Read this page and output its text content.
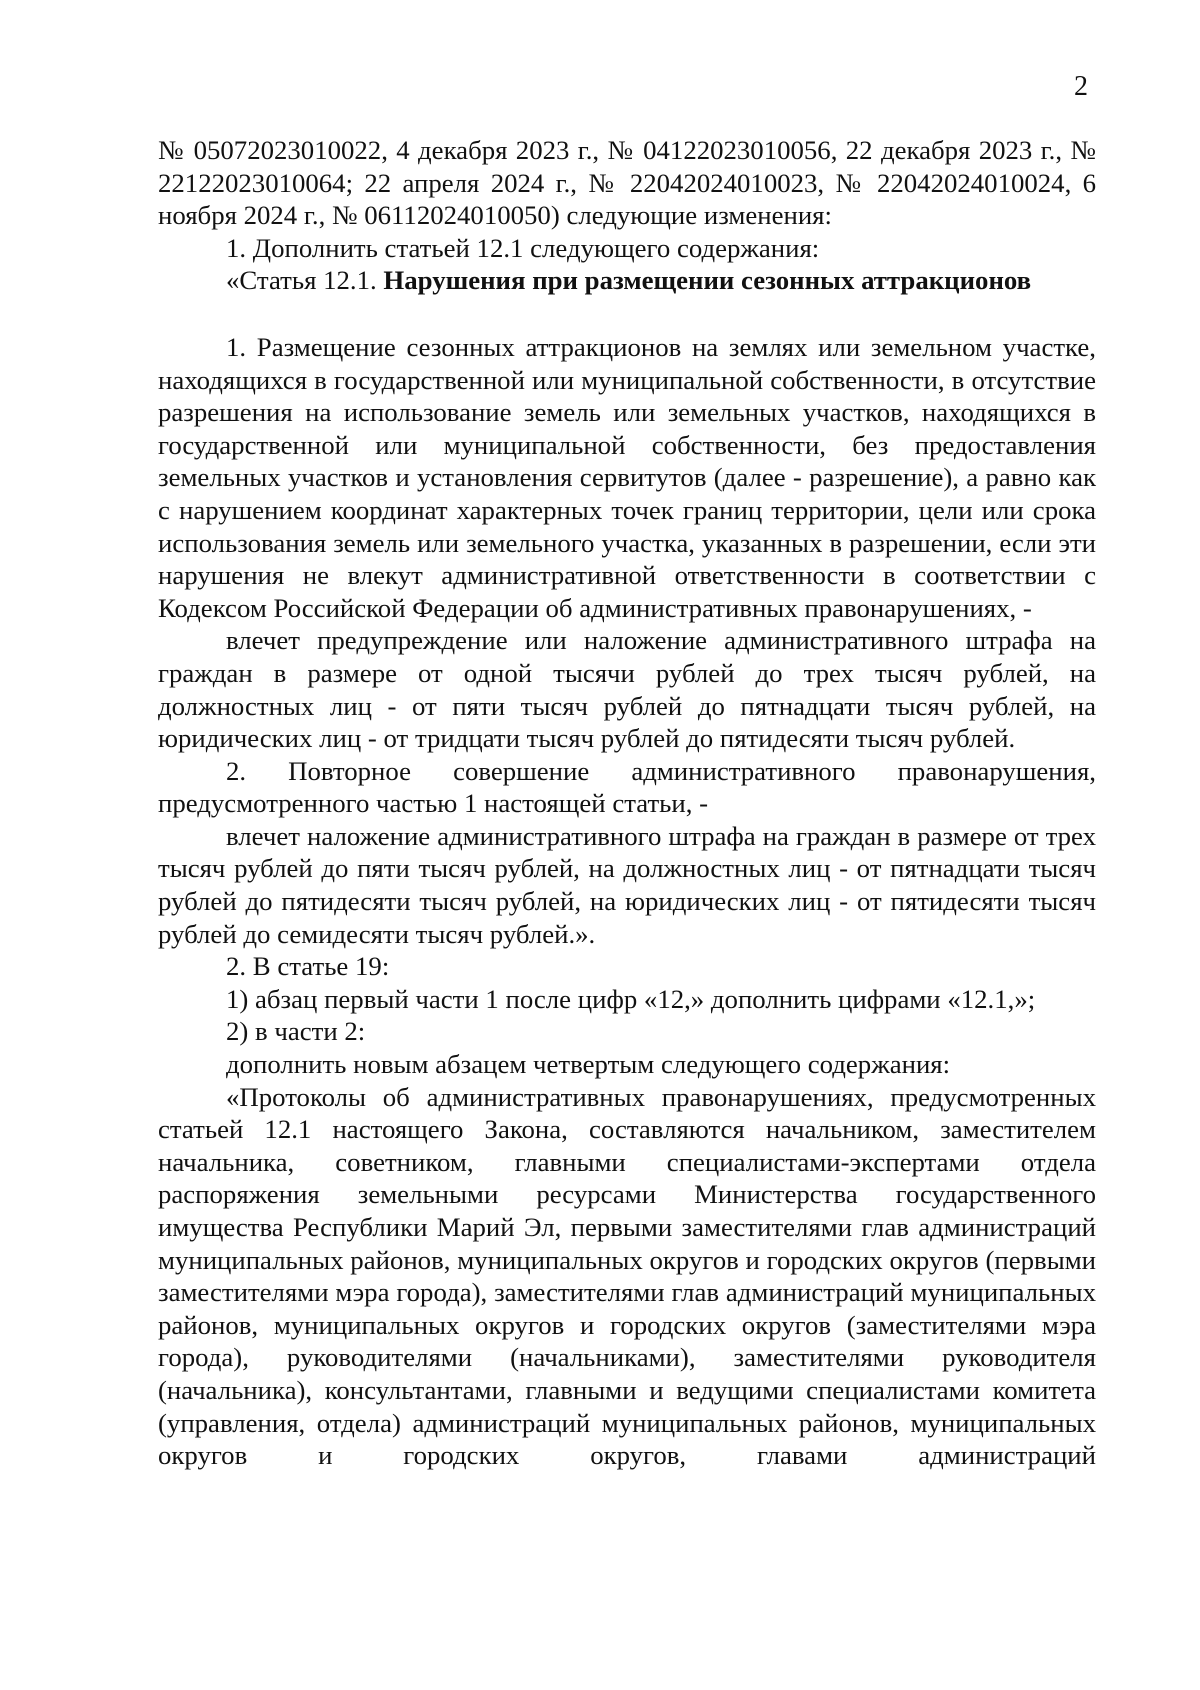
2

№ 05072023010022, 4 декабря 2023 г., № 04122023010056, 22 декабря 2023 г., № 22122023010064; 22 апреля 2024 г., № 22042024010023, № 22042024010024, 6 ноября 2024 г., № 06112024010050) следующие изменения:

1. Дополнить статьей 12.1 следующего содержания:

«Статья 12.1. Нарушения при размещении сезонных аттракционов

1. Размещение сезонных аттракционов на землях или земельном участке, находящихся в государственной или муниципальной собственности, в отсутствие разрешения на использование земель или земельных участков, находящихся в государственной или муниципальной собственности, без предоставления земельных участков и установления сервитутов (далее - разрешение), а равно как с нарушением координат характерных точек границ территории, цели или срока использования земель или земельного участка, указанных в разрешении, если эти нарушения не влекут административной ответственности в соответствии с Кодексом Российской Федерации об административных правонарушениях, -

влечет предупреждение или наложение административного штрафа на граждан в размере от одной тысячи рублей до трех тысяч рублей, на должностных лиц - от пяти тысяч рублей до пятнадцати тысяч рублей, на юридических лиц - от тридцати тысяч рублей до пятидесяти тысяч рублей.

2. Повторное совершение административного правонарушения, предусмотренного частью 1 настоящей статьи, -

влечет наложение административного штрафа на граждан в размере от трех тысяч рублей до пяти тысяч рублей, на должностных лиц - от пятнадцати тысяч рублей до пятидесяти тысяч рублей, на юридических лиц - от пятидесяти тысяч рублей до семидесяти тысяч рублей.».

2. В статье 19:

1) абзац первый части 1 после цифр «12,» дополнить цифрами «12.1,»;

2) в части 2:

дополнить новым абзацем четвертым следующего содержания:

«Протоколы об административных правонарушениях, предусмотренных статьей 12.1 настоящего Закона, составляются начальником, заместителем начальника, советником, главными специалистами-экспертами отдела распоряжения земельными ресурсами Министерства государственного имущества Республики Марий Эл, первыми заместителями глав администраций муниципальных районов, муниципальных округов и городских округов (первыми заместителями мэра города), заместителями глав администраций муниципальных районов, муниципальных округов и городских округов (заместителями мэра города), руководителями (начальниками), заместителями руководителя (начальника), консультантами, главными и ведущими специалистами комитета (управления, отдела) администраций муниципальных районов, муниципальных округов и городских округов, главами администраций
